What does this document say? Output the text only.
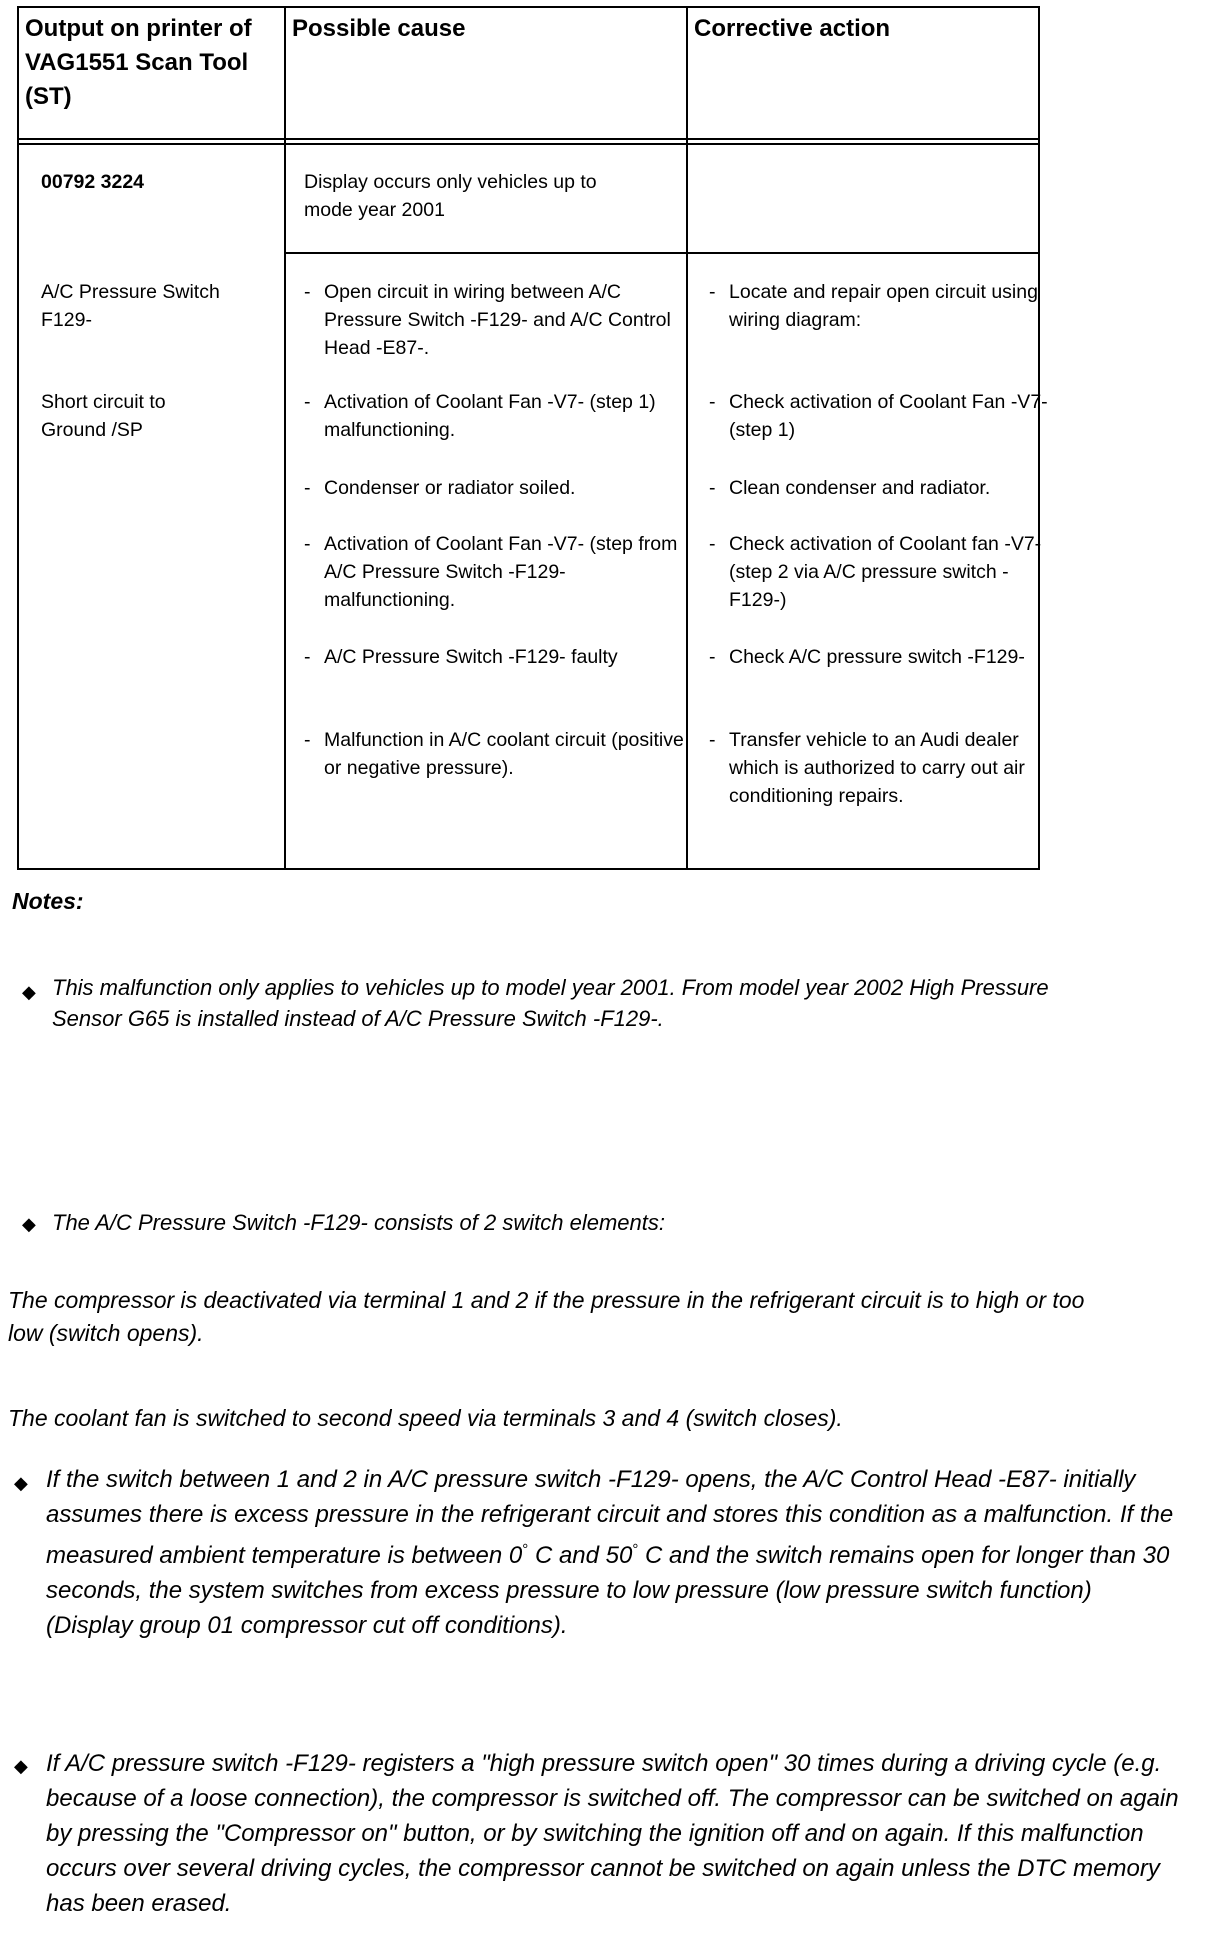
Output on printer of VAG1551 Scan Tool (ST)
Possible cause	Corrective action
00792 3224
A/C Pressure Switch F129-
Short circuit to Ground /SP
Display occurs only vehicles up to mode year 2001
- Open circuit in wiring between A/C Pressure Switch -F129- and A/C Control Head -E87-.
- Activation of Coolant Fan -V7- (step 1) malfunctioning.
- Condenser or radiator soiled.
- Activation of Coolant Fan -V7- (step from A/C Pressure Switch -F129- malfunctioning.
- A/C Pressure Switch -F129- faulty
- Malfunction in A/C coolant circuit (positive or negative pressure).
- Locate and repair open circuit using wiring diagram:
- Check activation of Coolant Fan -V7- (step 1)
- Clean condenser and radiator.
- Check activation of Coolant fan -V7- (step 2 via A/C pressure switch -F129-)
- Check A/C pressure switch -F129-
- Transfer vehicle to an Audi dealer which is authorized to carry out air conditioning repairs.
Notes:
◆ This malfunction only applies to vehicles up to model year 2001. From model year 2002 High Pressure Sensor G65 is installed instead of A/C Pressure Switch -F129-.
◆ The A/C Pressure Switch -F129- consists of 2 switch elements:
The compressor is deactivated via terminal 1 and 2 if the pressure in the refrigerant circuit is to high or too low (switch opens).
The coolant fan is switched to second speed via terminals 3 and 4 (switch closes).
◆ If the switch between 1 and 2 in A/C pressure switch -F129- opens, the A/C Control Head -E87- initially assumes there is excess pressure in the refrigerant circuit and stores this condition as a malfunction. If the measured ambient temperature is between 0° C and 50° C and the switch remains open for longer than 30 seconds, the system switches from excess pressure to low pressure (low pressure switch function)
(Display group 01 compressor cut off conditions).
◆ If A/C pressure switch -F129- registers a "high pressure switch open" 30 times during a driving cycle (e.g. because of a loose connection), the compressor is switched off. The compressor can be switched on again by pressing the "Compressor on" button, or by switching the ignition off and on again. If this malfunction occurs over several driving cycles, the compressor cannot be switched on again unless the DTC memory has been erased.
